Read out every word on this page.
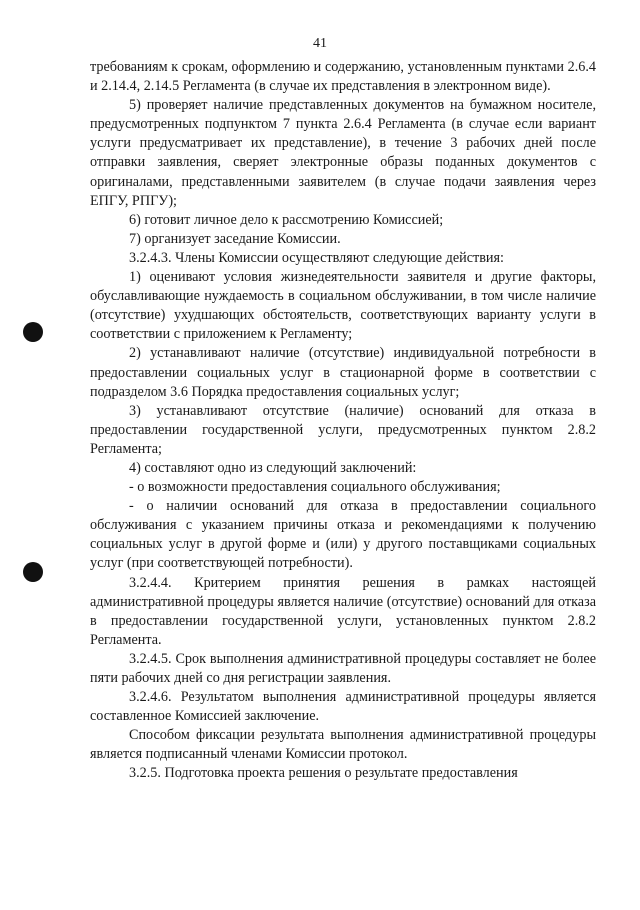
41

требованиям к срокам, оформлению и содержанию, установленным пунктами 2.6.4 и 2.14.4, 2.14.5 Регламента (в случае их представления в электронном виде).

5) проверяет наличие представленных документов на бумажном носителе, предусмотренных подпунктом 7 пункта 2.6.4 Регламента (в случае если вариант услуги предусматривает их представление), в течение 3 рабочих дней после отправки заявления, сверяет электронные образы поданных документов с оригиналами, представленными заявителем (в случае подачи заявления через ЕПГУ, РПГУ);

6) готовит личное дело к рассмотрению Комиссией;

7) организует заседание Комиссии.

3.2.4.3. Члены Комиссии осуществляют следующие действия:

1) оценивают условия жизнедеятельности заявителя и другие факторы, обуславливающие нуждаемость в социальном обслуживании, в том числе наличие (отсутствие) ухудшающих обстоятельств, соответствующих варианту услуги в соответствии с приложением к Регламенту;

2) устанавливают наличие (отсутствие) индивидуальной потребности в предоставлении социальных услуг в стационарной форме в соответствии с подразделом 3.6 Порядка предоставления социальных услуг;

3) устанавливают отсутствие (наличие) оснований для отказа в предоставлении государственной услуги, предусмотренных пунктом 2.8.2 Регламента;

4) составляют одно из следующий заключений:

- о возможности предоставления социального обслуживания;

- о наличии оснований для отказа в предоставлении социального обслуживания с указанием причины отказа и рекомендациями к получению социальных услуг в другой форме и (или) у другого поставщиками социальных услуг (при соответствующей потребности).

3.2.4.4. Критерием принятия решения в рамках настоящей административной процедуры является наличие (отсутствие) оснований для отказа в предоставлении государственной услуги, установленных пунктом 2.8.2 Регламента.

3.2.4.5. Срок выполнения административной процедуры составляет не более пяти рабочих дней со дня регистрации заявления.

3.2.4.6. Результатом выполнения административной процедуры является составленное Комиссией заключение.

Способом фиксации результата выполнения административной процедуры является подписанный членами Комиссии протокол.

3.2.5. Подготовка проекта решения о результате предоставления
